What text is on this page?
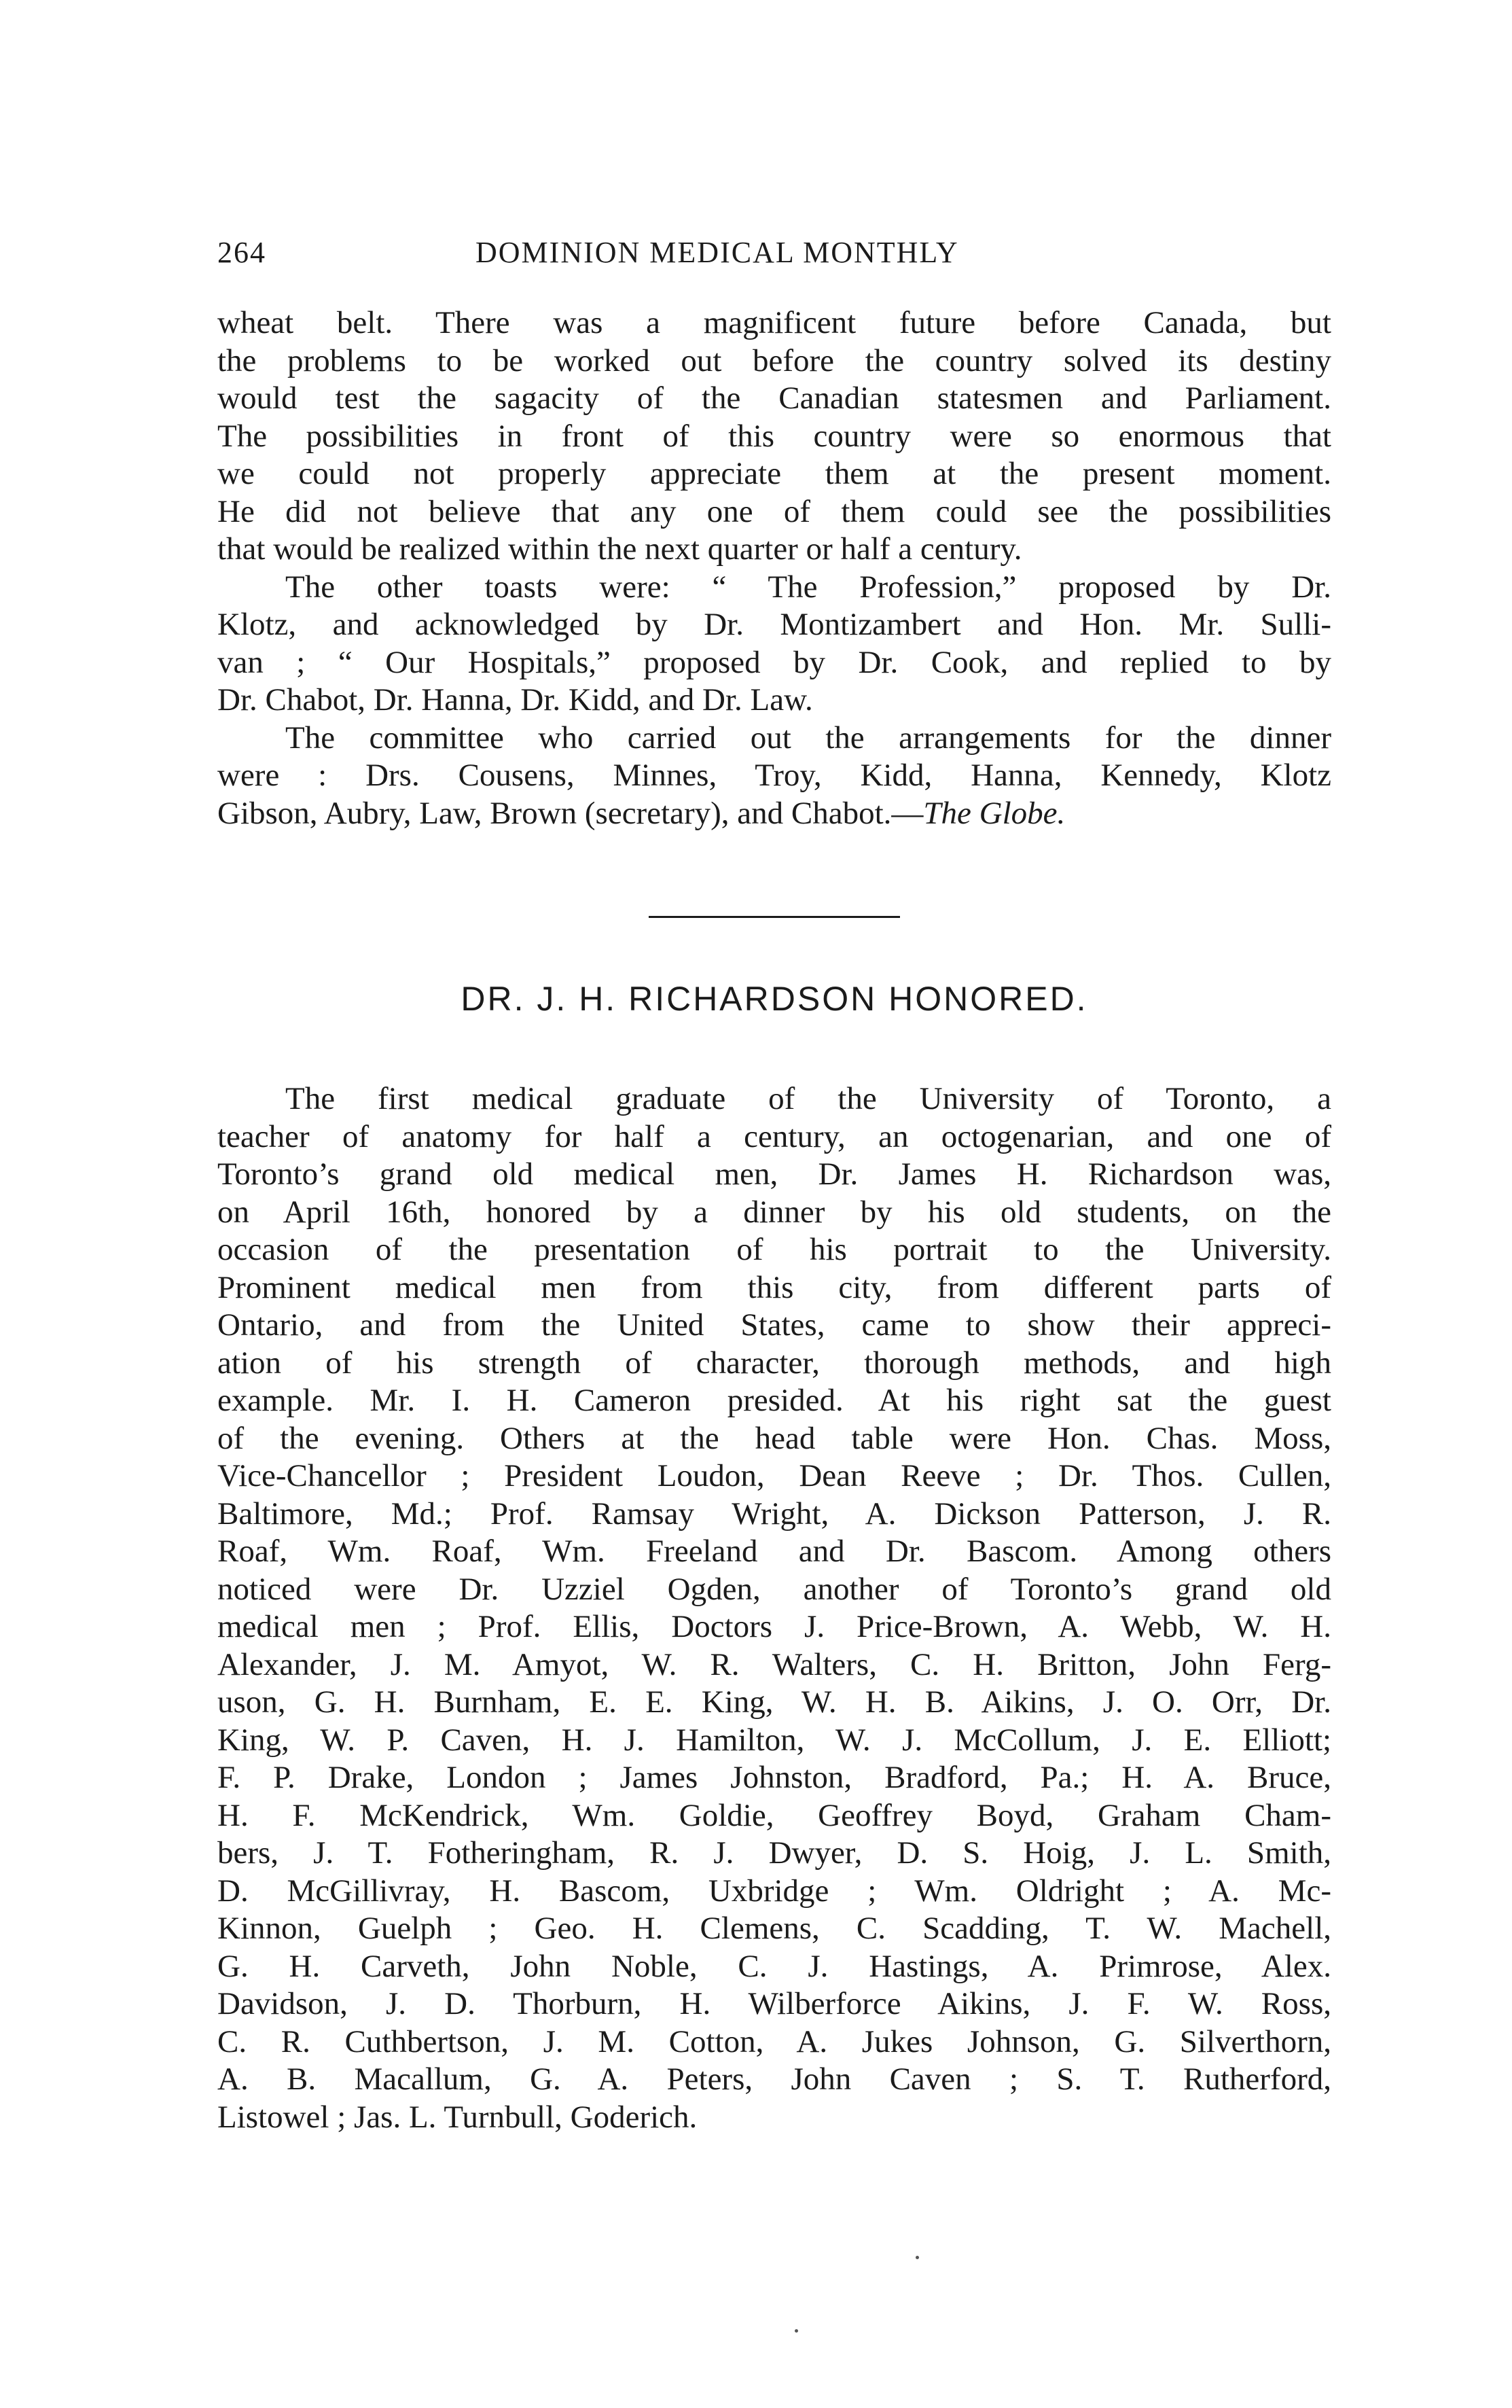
264	DOMINION MEDICAL MONTHLY
wheat belt. There was a magnificent future before Canada, but
the problems to be worked out before the country solved its destiny
would test the sagacity of the Canadian statesmen and Parliament.
The possibilities in front of this country were so enormous that
we could not properly appreciate them at the present moment.
He did not believe that any one of them could see the possibilities
that would be realized within the next quarter or half a century.
The other toasts were: “ The Profession,” proposed by Dr.
Klotz, and acknowledged by Dr. Montizambert and Hon. Mr. Sulli-
van ; “ Our Hospitals,” proposed by Dr. Cook, and replied to by
Dr. Chabot, Dr. Hanna, Dr. Kidd, and Dr. Law.
The committee who carried out the arrangements for the dinner
were : Drs. Cousens, Minnes, Troy, Kidd, Hanna, Kennedy, Klotz
Gibson, Aubry, Law, Brown (secretary), and Chabot.—The Globe.
DR. J. H. RICHARDSON HONORED.
The first medical graduate of the University of Toronto, a
teacher of anatomy for half a century, an octogenarian, and one of
Toronto’s grand old medical men, Dr. James H. Richardson was,
on April 16th, honored by a dinner by his old students, on the
occasion of the presentation of his portrait to the University.
Prominent medical men from this city, from different parts of
Ontario, and from the United States, came to show their appreci-
ation of his strength of character, thorough methods, and high
example. Mr. I. H. Cameron presided. At his right sat the guest
of the evening. Others at the head table were Hon. Chas. Moss,
Vice-Chancellor ; President Loudon, Dean Reeve ; Dr. Thos. Cullen,
Baltimore, Md.; Prof. Ramsay Wright, A. Dickson Patterson, J. R.
Roaf, Wm. Roaf, Wm. Freeland and Dr. Bascom. Among others
noticed were Dr. Uzziel Ogden, another of Toronto’s grand old
medical men ; Prof. Ellis, Doctors J. Price-Brown, A. Webb, W. H.
Alexander, J. M. Amyot, W. R. Walters, C. H. Britton, John Ferg-
uson, G. H. Burnham, E. E. King, W. H. B. Aikins, J. O. Orr, Dr.
King, W. P. Caven, H. J. Hamilton, W. J. McCollum, J. E. Elliott;
F. P. Drake, London ; James Johnston, Bradford, Pa.; H. A. Bruce,
H. F. McKendrick, Wm. Goldie, Geoffrey Boyd, Graham Cham-
bers, J. T. Fotheringham, R. J. Dwyer, D. S. Hoig, J. L. Smith,
D. McGillivray, H. Bascom, Uxbridge ; Wm. Oldright ; A. Mc-
Kinnon, Guelph ; Geo. H. Clemens, C. Scadding, T. W. Machell,
G. H. Carveth, John Noble, C. J. Hastings, A. Primrose, Alex.
Davidson, J. D. Thorburn, H. Wilberforce Aikins, J. F. W. Ross,
C. R. Cuthbertson, J. M. Cotton, A. Jukes Johnson, G. Silverthorn,
A. B. Macallum, G. A. Peters, John Caven ; S. T. Rutherford,
Listowel ; Jas. L. Turnbull, Goderich.
